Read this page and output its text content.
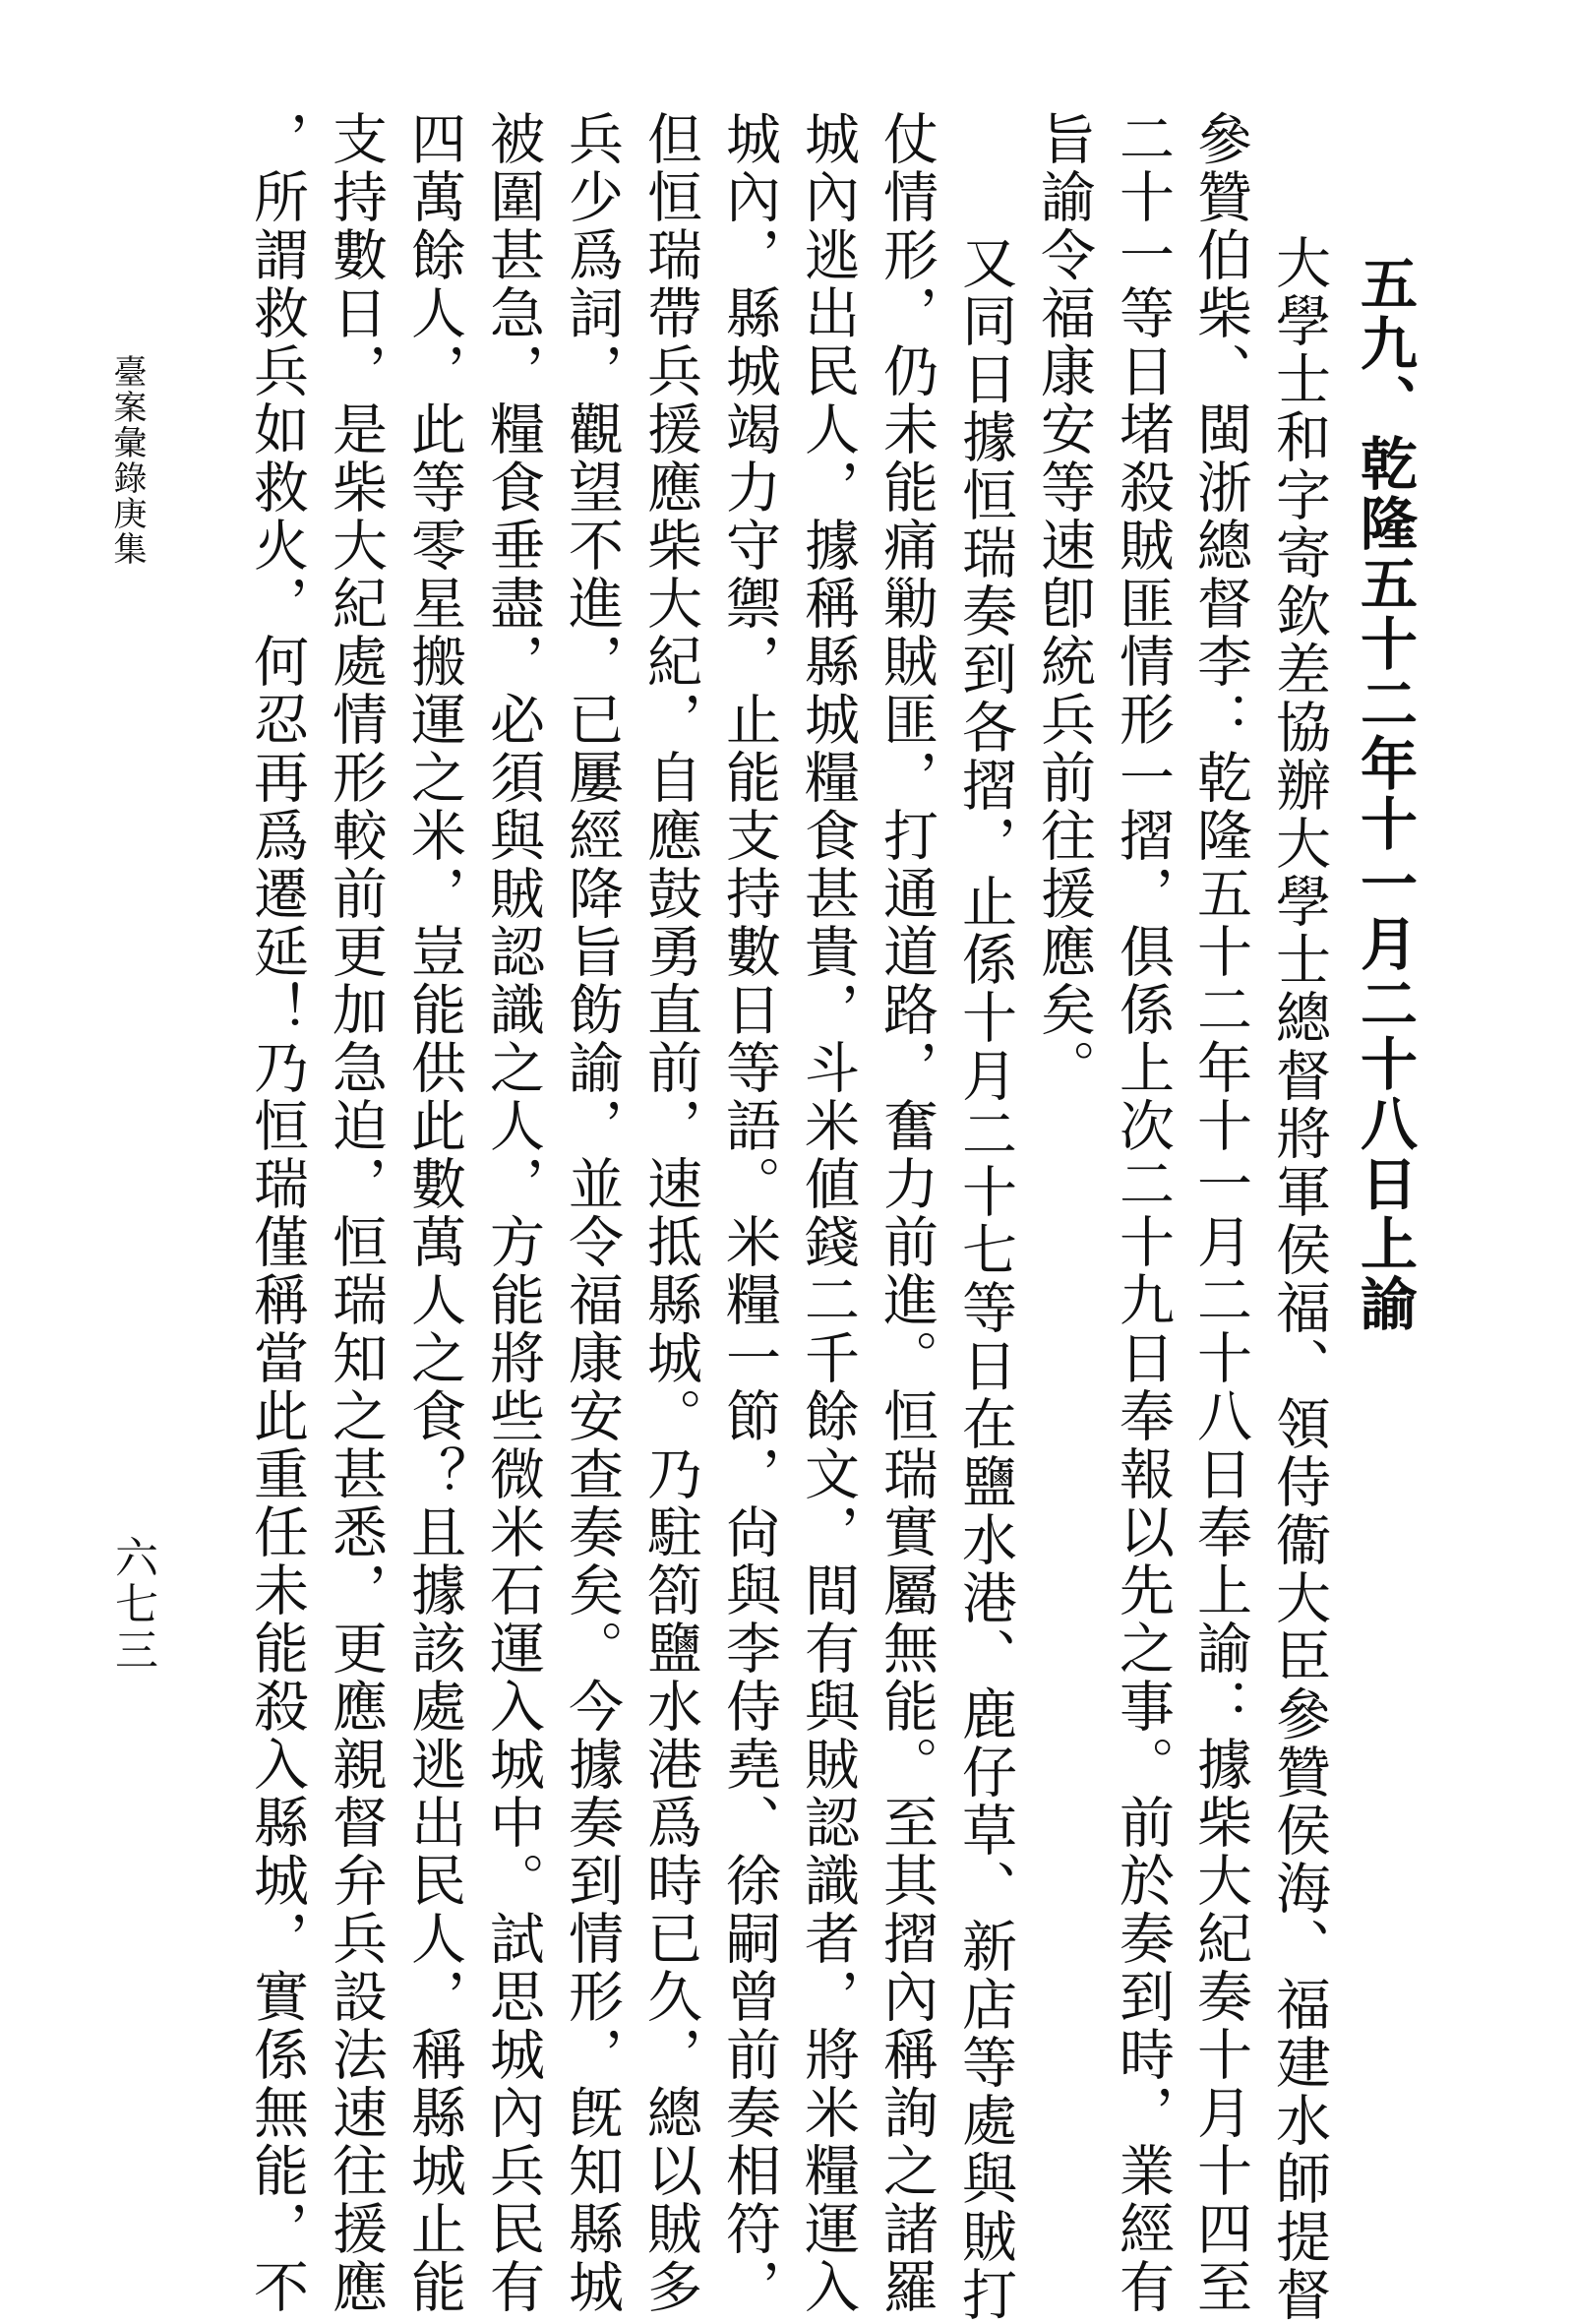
五九、乾隆五十二年十一月二十八日上諭
大學士和字寄欽差協辦大學士總督將軍侯福、領侍衞大臣參贊侯海、福建水師提督
參贊伯柴、閩浙總督李：乾隆五十二年十一月二十八日奉上諭：據柴大紀奏十月十四至
二十一等日堵殺賊匪情形一摺，俱係上次二十九日奉報以先之事。前於奏到時，業經有
旨諭令福康安等速卽統兵前往援應矣。
又同日據恒瑞奏到各摺，止係十月二十七等日在鹽水港、鹿仔草、新店等處與賊打
仗情形，仍未能痛勦賊匪，打通道路，奮力前進。恒瑞實屬無能。至其摺內稱詢之諸羅
城內逃出民人，據稱縣城糧食甚貴，斗米値錢二千餘文，間有與賊認識者，將米糧運入
城內，縣城竭力守禦，止能支持數日等語。米糧一節，尙與李侍堯、徐嗣曾前奏相符，
但恒瑞帶兵援應柴大紀，自應鼓勇直前，速抵縣城。乃駐箚鹽水港爲時已久，總以賊多
兵少爲詞，觀望不進，已屢經降旨飭諭，並令福康安查奏矣。今據奏到情形，旣知縣城
被圍甚急，糧食垂盡，必須與賊認識之人，方能將些微米石運入城中。試思城內兵民有
四萬餘人，此等零星搬運之米，豈能供此數萬人之食？且據該處逃出民人，稱縣城止能
支持數日，是柴大紀處情形較前更加急迫，恒瑞知之甚悉，更應親督弁兵設法速往援應
，所謂救兵如救火，何忍再爲遷延！乃恒瑞僅稱當此重任未能殺入縣城，實係無能，不
臺案彙錄庚集
六七三
